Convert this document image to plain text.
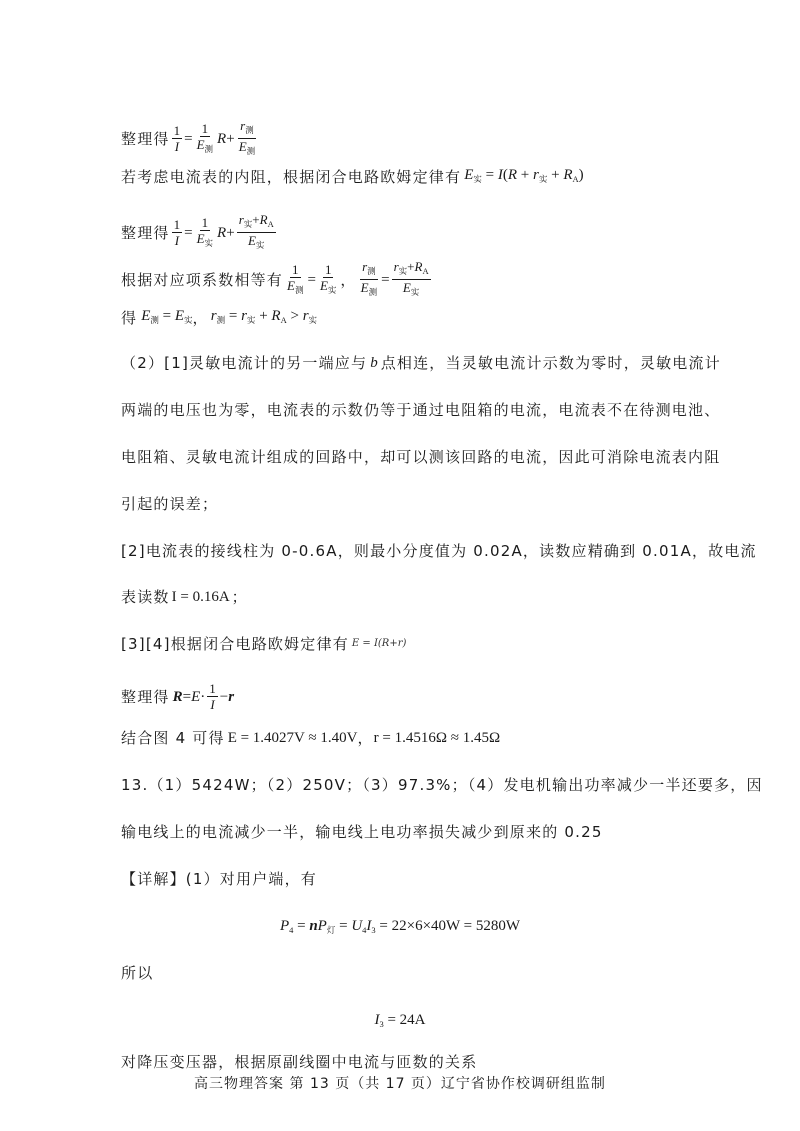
整理得 $\frac{1}{I} = \frac{1}{E_测}$ $R + \frac{r_测}{E_测}$
若考虑电流表的内阻，根据闭合电路欧姆定律有 $E_实 = I(R + r_实 + R_A)$
整理得 $\frac{1}{I} = \frac{1}{E_实}$ $R + \frac{r_实+R_A}{E_实}$
根据对应项系数相等有 $\frac{1}{E_测} = \frac{1}{E_实}$ ， $\frac{r_测}{E_测} = \frac{r_实+R_A}{E_实}$
得 $E_测 = E_实$ ， $r_测 = r_实 + R_A > r_实$
（2）[1]灵敏电流计的另一端应与 b 点相连，当灵敏电流计示数为零时，灵敏电流计
两端的电压也为零，电流表的示数仍等于通过电阻箱的电流，电流表不在待测电池、
电阻箱、灵敏电流计组成的回路中，却可以测该回路的电流，因此可消除电流表内阻
引起的误差；
[2]电流表的接线柱为 0-0.6A，则最小分度值为 0.02A，读数应精确到 0.01A，故电流
表读数 I = 0.16A ；
[3][4]根据闭合电路欧姆定律有 E = I(R+r)
整理得 $R = E \cdot \frac{1}{I} - r$
结合图 4 可得 E = 1.4027V ≈ 1.40V ， r = 1.4516Ω ≈ 1.45Ω
13.（1）5424W；（2）250V；（3）97.3%；（4）发电机输出功率减少一半还要多，因
输电线上的电流减少一半，输电线上电功率损失减少到原来的 0.25
【详解】(1）对用户端，有
$P_4 = nP_灯 = U_4I_3 = 22\times 6\times 40W = 5280W$
所以
$I_3 = 24A$
高三物理答案 第 13 页（共 17 页）辽宁省协作校调研组监制
对降压变压器，根据原副线圈中电流与匝数的关系
